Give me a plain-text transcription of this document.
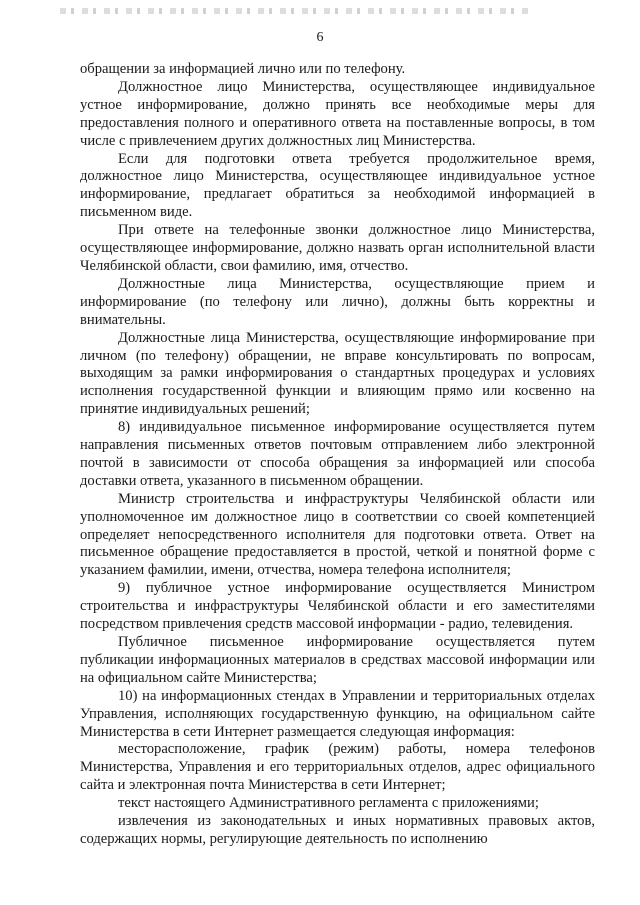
6

обращении за информацией лично или по телефону.

Должностное лицо Министерства, осуществляющее индивидуальное устное информирование, должно принять все необходимые меры для предоставления полного и оперативного ответа на поставленные вопросы, в том числе с привлечением других должностных лиц Министерства.

Если для подготовки ответа требуется продолжительное время, должностное лицо Министерства, осуществляющее индивидуальное устное информирование, предлагает обратиться за необходимой информацией в письменном виде.

При ответе на телефонные звонки должностное лицо Министерства, осуществляющее информирование, должно назвать орган исполнительной власти Челябинской области, свои фамилию, имя, отчество.

Должностные лица Министерства, осуществляющие прием и информирование (по телефону или лично), должны быть корректны и внимательны.

Должностные лица Министерства, осуществляющие информирование при личном (по телефону) обращении, не вправе консультировать по вопросам, выходящим за рамки информирования о стандартных процедурах и условиях исполнения государственной функции и влияющим прямо или косвенно на принятие индивидуальных решений;

8) индивидуальное письменное информирование осуществляется путем направления письменных ответов почтовым отправлением либо электронной почтой в зависимости от способа обращения за информацией или способа доставки ответа, указанного в письменном обращении.

Министр строительства и инфраструктуры Челябинской области или уполномоченное им должностное лицо в соответствии со своей компетенцией определяет непосредственного исполнителя для подготовки ответа. Ответ на письменное обращение предоставляется в простой, четкой и понятной форме с указанием фамилии, имени, отчества, номера телефона исполнителя;

9) публичное устное информирование осуществляется Министром строительства и инфраструктуры Челябинской области и его заместителями посредством привлечения средств массовой информации - радио, телевидения.

Публичное письменное информирование осуществляется путем публикации информационных материалов в средствах массовой информации или на официальном сайте Министерства;

10) на информационных стендах в Управлении и территориальных отделах Управления, исполняющих государственную функцию, на официальном сайте Министерства в сети Интернет размещается следующая информация:

месторасположение, график (режим) работы, номера телефонов Министерства, Управления и его территориальных отделов, адрес официального сайта и электронная почта Министерства в сети Интернет;

текст настоящего Административного регламента с приложениями;

извлечения из законодательных и иных нормативных правовых актов, содержащих нормы, регулирующие деятельность по исполнению
